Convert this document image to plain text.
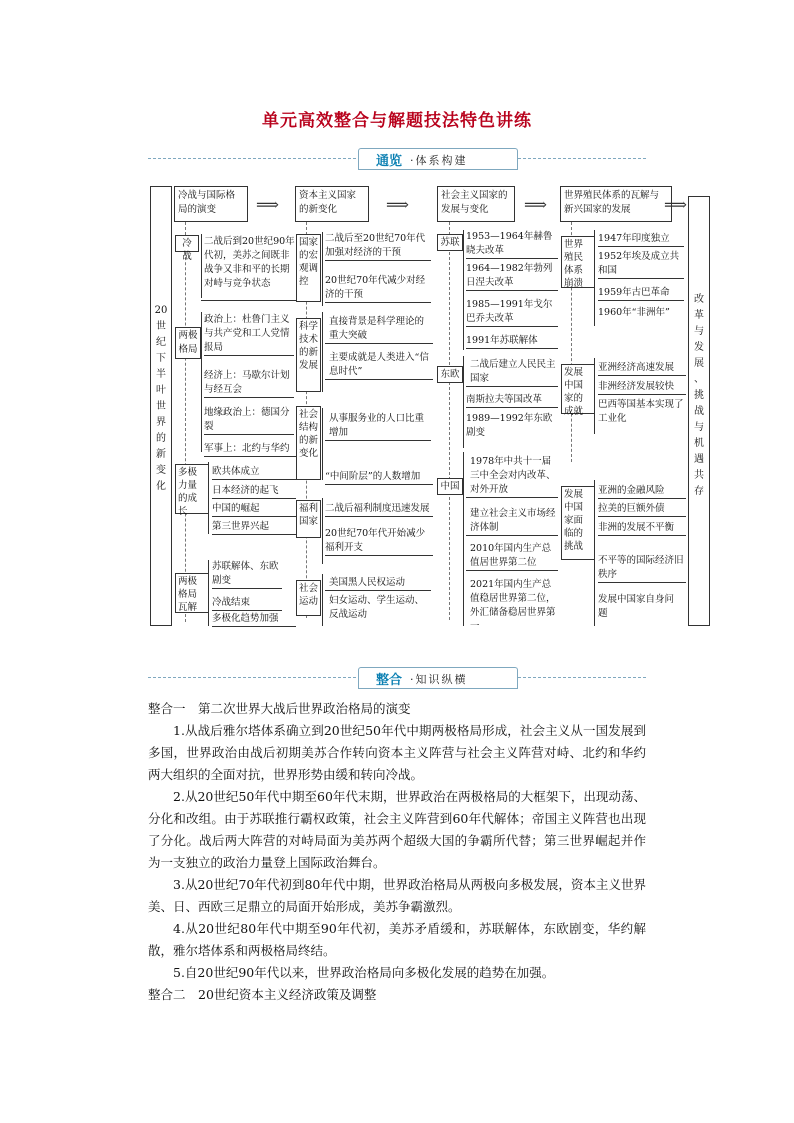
单元高效整合与解题技法特色讲练
通览 ·体系构建
20
世
纪
下
半
叶
世
界
的
新
变
化
改
革
与
发
展
、
挑
战
与
机
遇
共
存
冷战与国际格局的演变
资本主义国家的新变化
社会主义国家的发展与变化
世界殖民体系的瓦解与新兴国家的发展
⟹	⟹	⟹	⟹
冷战
二战后到20世纪90年代初，美苏之间既非战争又非和平的长期对峙与竞争状态
两极格局
政治上：杜鲁门主义与共产党和工人党情报局
经济上：马歇尔计划与经互会
地缘政治上：德国分裂
军事上：北约与华约
多极力量的成长
欧共体成立
日本经济的起飞
中国的崛起
第三世界兴起
两极格局瓦解
苏联解体、东欧剧变
冷战结束
多极化趋势加强
国家的宏观调控
二战后至20世纪70年代加强对经济的干预
20世纪70年代减少对经济的干预
科学技术的新发展
直接背景是科学理论的重大突破
主要成就是人类进入“信息时代”
社会结构的新变化
从事服务业的人口比重增加
“中间阶层”的人数增加
福利国家
二战后福利制度迅速发展
20世纪70年代开始减少福利开支
社会运动
美国黑人民权运动
妇女运动、学生运动、反战运动
苏联
1953—1964年赫鲁晓夫改革
1964—1982年勃列日涅夫改革
1985—1991年戈尔巴乔夫改革
1991年苏联解体
东欧
二战后建立人民民主国家
南斯拉夫等国改革
1989—1992年东欧剧变
中国
1978年中共十一届三中全会对内改革、对外开放
建立社会主义市场经济体制
2010年国内生产总值居世界第二位
2021年国内生产总值稳居世界第二位，外汇储备稳居世界第一
世界殖民体系崩溃
1947年印度独立
1952年埃及成立共和国
1959年古巴革命
1960年“非洲年”
发展中国家的成就
亚洲经济高速发展
非洲经济发展较快
巴西等国基本实现了工业化
发展中国家面临的挑战
亚洲的金融风险
拉美的巨额外债
非洲的发展不平衡
不平等的国际经济旧秩序
发展中国家自身问题
整合 ·知识纵横
整合一　第二次世界大战后世界政治格局的演变
1.从战后雅尔塔体系确立到20世纪50年代中期两极格局形成，社会主义从一国发展到多国，世界政治由战后初期美苏合作转向资本主义阵营与社会主义阵营对峙、北约和华约两大组织的全面对抗，世界形势由缓和转向冷战。
2.从20世纪50年代中期至60年代末期，世界政治在两极格局的大框架下，出现动荡、分化和改组。由于苏联推行霸权政策，社会主义阵营到60年代解体；帝国主义阵营也出现了分化。战后两大阵营的对峙局面为美苏两个超级大国的争霸所代替；第三世界崛起并作为一支独立的政治力量登上国际政治舞台。
3.从20世纪70年代初到80年代中期，世界政治格局从两极向多极发展，资本主义世界美、日、西欧三足鼎立的局面开始形成，美苏争霸激烈。
4.从20世纪80年代中期至90年代初，美苏矛盾缓和，苏联解体，东欧剧变，华约解散，雅尔塔体系和两极格局终结。
5.自20世纪90年代以来，世界政治格局向多极化发展的趋势在加强。
整合二　20世纪资本主义经济政策及调整
